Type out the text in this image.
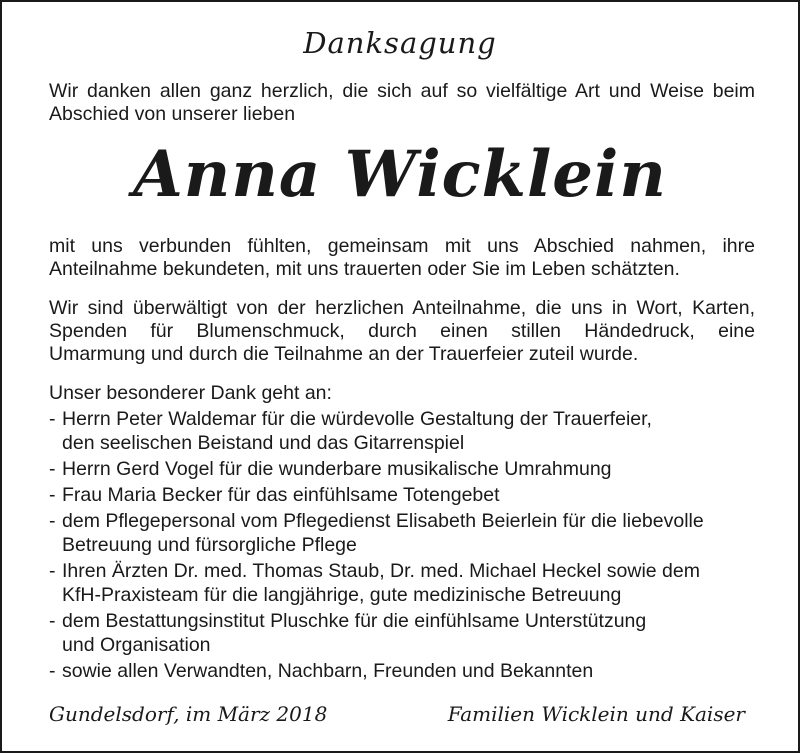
Danksagung

Wir danken allen ganz herzlich, die sich auf so vielfältige Art und Weise beim

Abschied von unserer lieben

Anna Wicklein

mit uns verbunden fühlten, gemeinsam mit uns Abschied nahmen, ihre

Anteilnahme bekundeten, mit uns trauerten oder Sie im Leben schätzten.

Wir sind überwältigt von der herzlichen Anteilnahme, die uns in Wort, Karten,

Spenden für Blumenschmuck, durch einen stillen Händedruck, eine

Umarmung und durch die Teilnahme an der Trauerfeier zuteil wurde.

Unser besonderer Dank geht an:

- Herrn Peter Waldemar für die würdevolle Gestaltung der Trauerfeier,
den seelischen Beistand und das Gitarrenspiel
- Herrn Gerd Vogel für die wunderbare musikalische Umrahmung
- Frau Maria Becker für das einfühlsame Totengebet
- dem Pflegepersonal vom Pflegedienst Elisabeth Beierlein für die liebevolle
Betreuung und fürsorgliche Pflege
- Ihren Ärzten Dr. med. Thomas Staub, Dr. med. Michael Heckel sowie dem
KfH-Praxisteam für die langjährige, gute medizinische Betreuung
- dem Bestattungsinstitut Pluschke für die einfühlsame Unterstützung
und Organisation
- sowie allen Verwandten, Nachbarn, Freunden und Bekannten
Gundelsdorf, im März 2018	Familien Wicklein und Kaiser
